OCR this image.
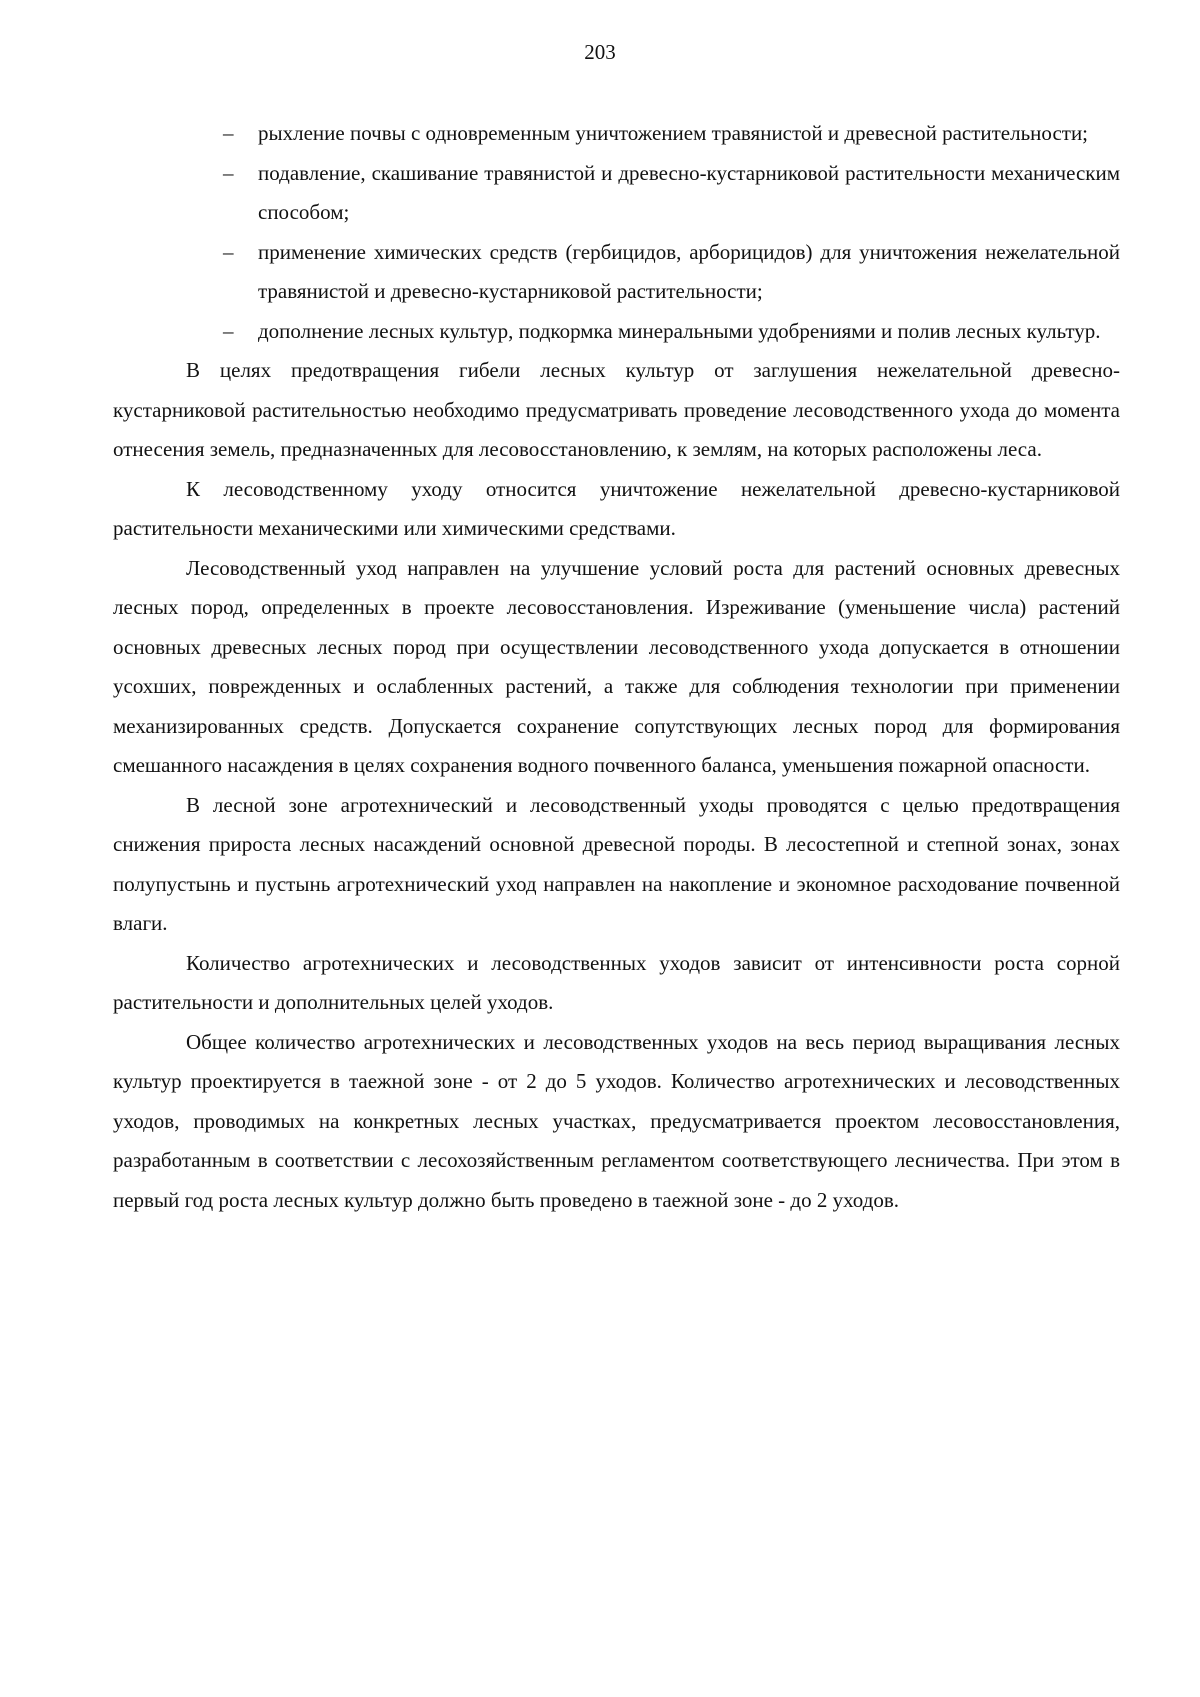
203
– рыхление почвы с одновременным уничтожением травянистой и древесной растительности;
– подавление, скашивание травянистой и древесно-кустарниковой растительности механическим способом;
– применение химических средств (гербицидов, арборицидов) для уничтожения нежелательной травянистой и древесно-кустарниковой растительности;
– дополнение лесных культур, подкормка минеральными удобрениями и полив лесных культур.

В целях предотвращения гибели лесных культур от заглушения нежелательной древесно-кустарниковой растительностью необходимо предусматривать проведение лесоводственного ухода до момента отнесения земель, предназначенных для лесовосстановлению, к землям, на которых расположены леса.

К лесоводственному уходу относится уничтожение нежелательной древесно-кустарниковой растительности механическими или химическими средствами.

Лесоводственный уход направлен на улучшение условий роста для растений основных древесных лесных пород, определенных в проекте лесовосстановления. Изреживание (уменьшение числа) растений основных древесных лесных пород при осуществлении лесоводственного ухода допускается в отношении усохших, поврежденных и ослабленных растений, а также для соблюдения технологии при применении механизированных средств. Допускается сохранение сопутствующих лесных пород для формирования смешанного насаждения в целях сохранения водного почвенного баланса, уменьшения пожарной опасности.

В лесной зоне агротехнический и лесоводственный уходы проводятся с целью предотвращения снижения прироста лесных насаждений основной древесной породы. В лесостепной и степной зонах, зонах полупустынь и пустынь агротехнический уход направлен на накопление и экономное расходование почвенной влаги.

Количество агротехнических и лесоводственных уходов зависит от интенсивности роста сорной растительности и дополнительных целей уходов.

Общее количество агротехнических и лесоводственных уходов на весь период выращивания лесных культур проектируется в таежной зоне - от 2 до 5 уходов. Количество агротехнических и лесоводственных уходов, проводимых на конкретных лесных участках, предусматривается проектом лесовосстановления, разработанным в соответствии с лесохозяйственным регламентом соответствующего лесничества. При этом в первый год роста лесных культур должно быть проведено в таежной зоне - до 2 уходов.
